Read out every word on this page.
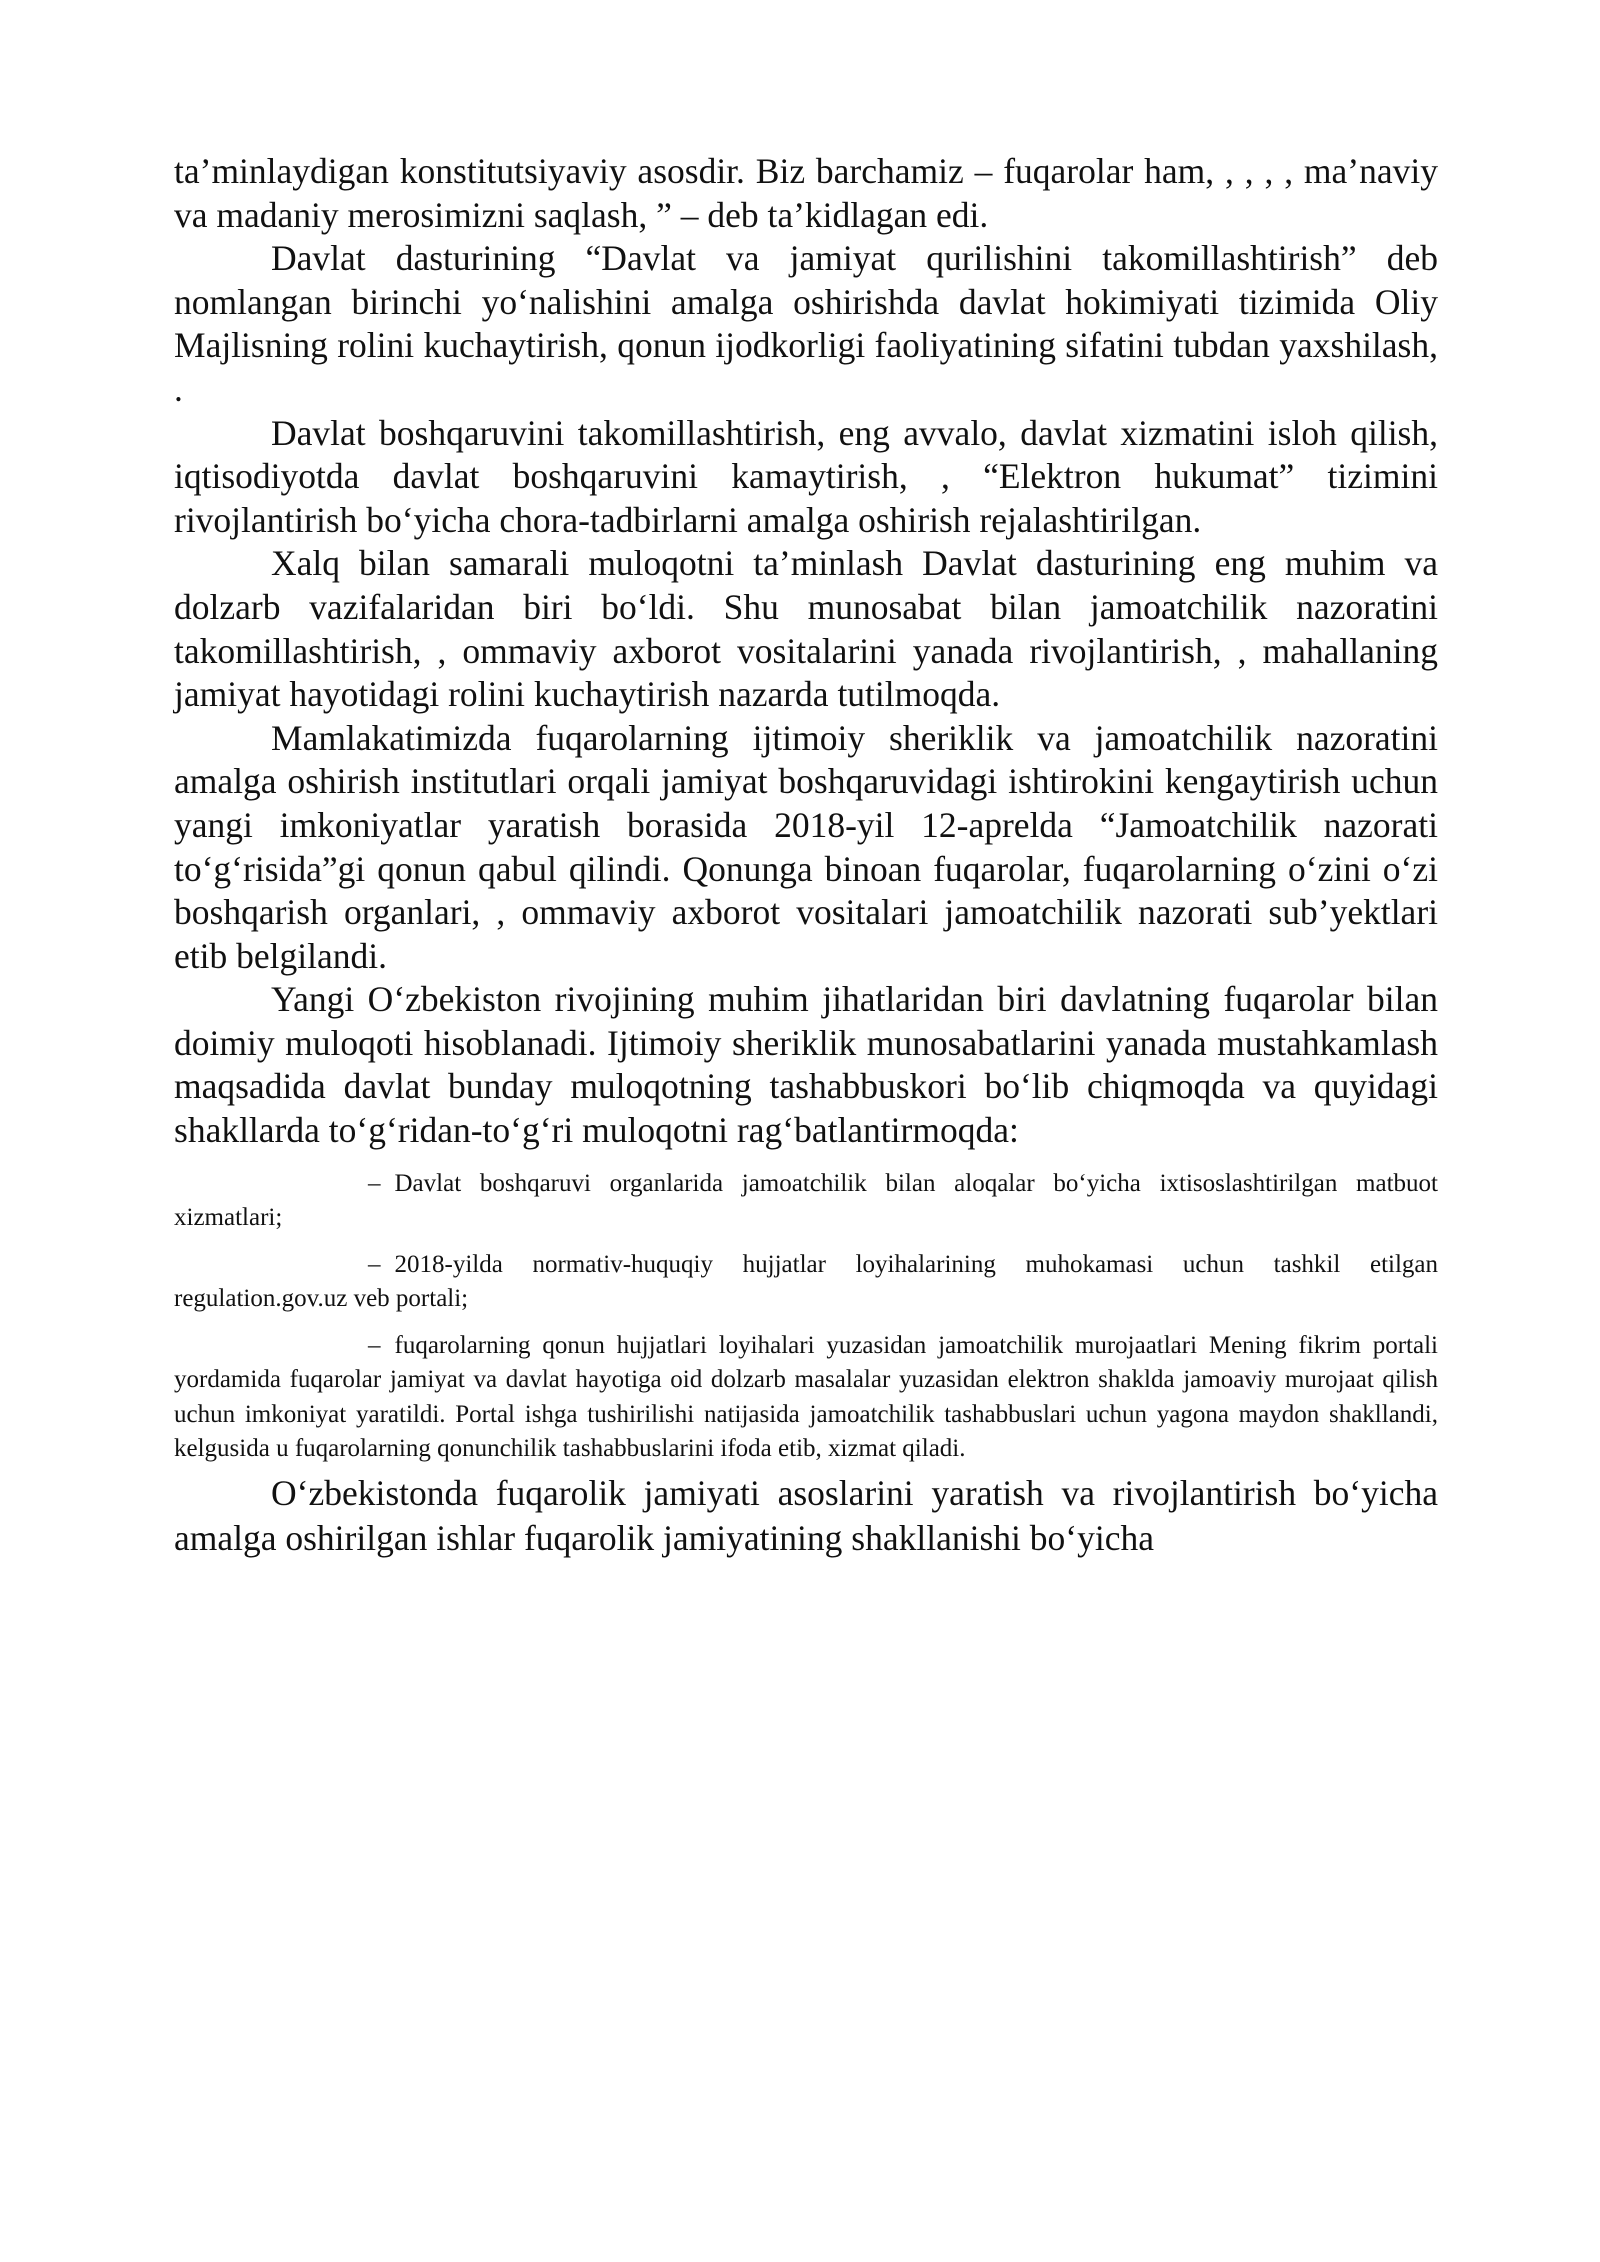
ta’minlaydigan konstitutsiyaviy asosdir. Biz barchamiz – fuqarolar ham, , , , , ma’naviy va madaniy merosimizni saqlash, ” – deb ta’kidlagan edi.

Davlat dasturining “Davlat va jamiyat qurilishini takomillashtirish” deb nomlangan birinchi yo‘nalishini amalga oshirishda davlat hokimiyati tizimida Oliy Majlisning rolini kuchaytirish, qonun ijodkorligi faoliyatining sifatini tubdan yaxshilash, .

Davlat boshqaruvini takomillashtirish, eng avvalo, davlat xizmatini isloh qilish, iqtisodiyotda davlat boshqaruvini kamaytirish, , “Elektron hukumat” tizimini rivojlantirish bo‘yicha chora-tadbirlarni amalga oshirish rejalashtirilgan.

Xalq bilan samarali muloqotni ta’minlash Davlat dasturining eng muhim va dolzarb vazifalaridan biri bo‘ldi. Shu munosabat bilan jamoatchilik nazoratini takomillashtirish, , ommaviy axborot vositalarini yanada rivojlantirish, , mahallaning jamiyat hayotidagi rolini kuchaytirish nazarda tutilmoqda.

Mamlakatimizda fuqarolarning ijtimoiy sheriklik va jamoatchilik nazoratini amalga oshirish institutlari orqali jamiyat boshqaruvidagi ishtirokini kengaytirish uchun yangi imkoniyatlar yaratish borasida 2018-yil 12-aprelda “Jamoatchilik nazorati to‘g‘risida”gi qonun qabul qilindi. Qonunga binoan fuqarolar, fuqarolarning o‘zini o‘zi boshqarish organlari, , ommaviy axborot vositalari jamoatchilik nazorati sub’yektlari etib belgilandi.

Yangi O‘zbekiston rivojining muhim jihatlaridan biri davlatning fuqarolar bilan doimiy muloqoti hisoblanadi. Ijtimoiy sheriklik munosabatlarini yanada mustahkamlash maqsadida davlat bunday muloqotning tashabbuskori bo‘lib chiqmoqda va quyidagi shakllarda to‘g‘ridan-to‘g‘ri muloqotni rag‘batlantirmoqda:

– Davlat boshqaruvi organlarida jamoatchilik bilan aloqalar bo‘yicha ixtisoslashtirilgan matbuot xizmatlari;

– 2018-yilda normativ-huquqiy hujjatlar loyihalarining muhokamasi uchun tashkil etilgan regulation.gov.uz veb portali;

– fuqarolarning qonun hujjatlari loyihalari yuzasidan jamoatchilik murojaatlari Mening fikrim portali yordamida fuqarolar jamiyat va davlat hayotiga oid dolzarb masalalar yuzasidan elektron shaklda jamoaviy murojaat qilish uchun imkoniyat yaratildi. Portal ishga tushirilishi natijasida jamoatchilik tashabbuslari uchun yagona maydon shakllandi, kelgusida u fuqarolarning qonunchilik tashabbuslarini ifoda etib, xizmat qiladi.

O‘zbekistonda fuqarolik jamiyati asoslarini yaratish va rivojlantirish bo‘yicha amalga oshirilgan ishlar fuqarolik jamiyatining shakllanishi bo‘yicha
